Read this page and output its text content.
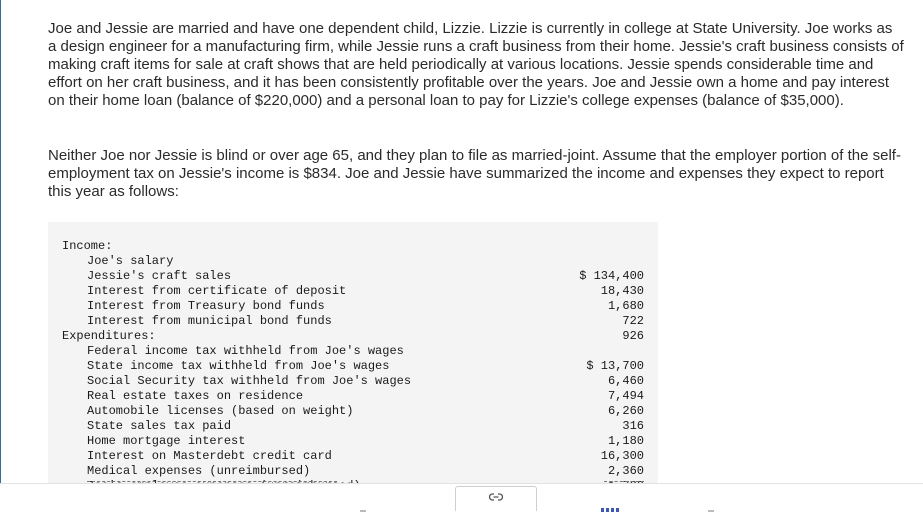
Joe and Jessie are married and have one dependent child, Lizzie. Lizzie is currently in college at State University. Joe works as a design engineer for a manufacturing firm, while Jessie runs a craft business from their home. Jessie's craft business consists of making craft items for sale at craft shows that are held periodically at various locations. Jessie spends considerable time and effort on her craft business, and it has been consistently profitable over the years. Joe and Jessie own a home and pay interest on their home loan (balance of $220,000) and a personal loan to pay for Lizzie's college expenses (balance of $35,000).

Neither Joe nor Jessie is blind or over age 65, and they plan to file as married-joint. Assume that the employer portion of the self-employment tax on Jessie's income is $834. Joe and Jessie have summarized the income and expenses they expect to report this year as follows:

Income:

Joe's salary

$ 134,400

Jessie's craft sales

18,430

Interest from certificate of deposit

1,680

Interest from Treasury bond funds

722

Interest from municipal bond funds

926

Expenditures:

Federal income tax withheld from Joe's wages

$ 13,700

State income tax withheld from Joe's wages

6,460

Social Security tax withheld from Joe's wages

7,494

Real estate taxes on residence

6,260

Automobile licenses (based on weight)

316

State sales tax paid

1,180

Home mortgage interest

16,300

Interest on Masterdebt credit card

2,360

Medical expenses (unreimbursed)
